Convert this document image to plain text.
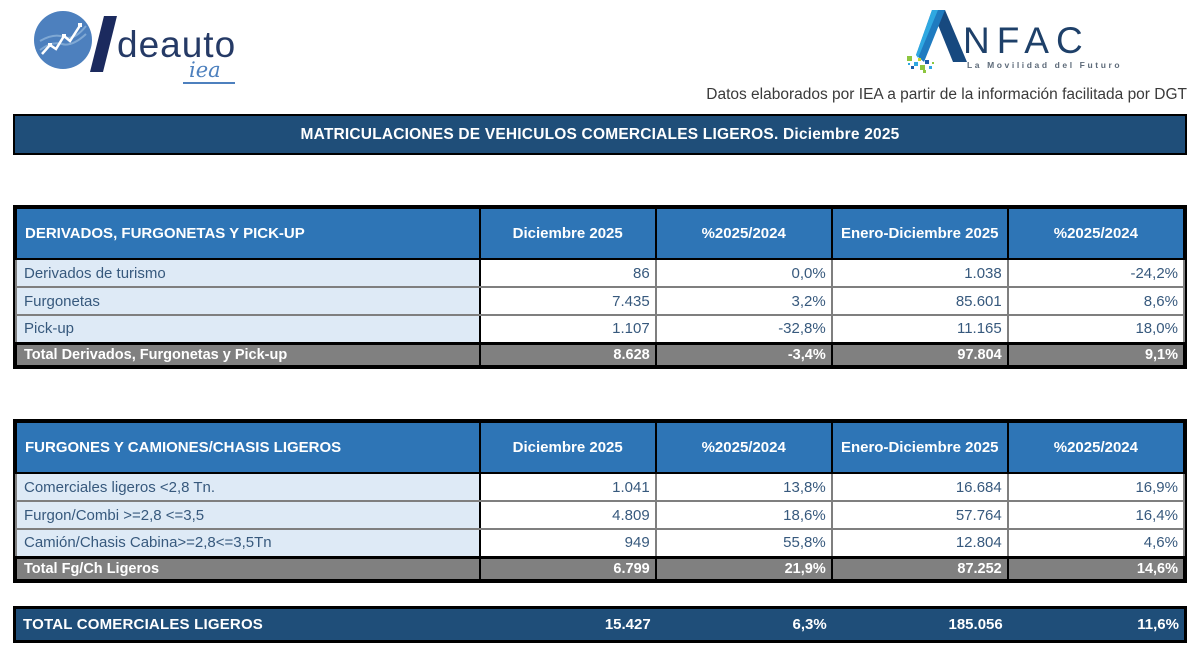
deauto
iea
NFAC
La Movilidad del Futuro
Datos elaborados por IEA a partir de la información facilitada por DGT
MATRICULACIONES DE VEHICULOS COMERCIALES LIGEROS. Diciembre 2025
DERIVADOS, FURGONETAS Y PICK-UP	Diciembre 2025	%2025/2024	Enero-Diciembre 2025	%2025/2024
Derivados de turismo	86	0,0%	1.038	-24,2%
Furgonetas	7.435	3,2%	85.601	8,6%
Pick-up	1.107	-32,8%	11.165	18,0%
Total Derivados, Furgonetas y Pick-up	8.628	-3,4%	97.804	9,1%
FURGONES Y CAMIONES/CHASIS LIGEROS	Diciembre 2025	%2025/2024	Enero-Diciembre 2025	%2025/2024
Comerciales ligeros <2,8 Tn.	1.041	13,8%	16.684	16,9%
Furgon/Combi >=2,8 <=3,5	4.809	18,6%	57.764	16,4%
Camión/Chasis Cabina>=2,8<=3,5Tn	949	55,8%	12.804	4,6%
Total Fg/Ch Ligeros	6.799	21,9%	87.252	14,6%
TOTAL COMERCIALES LIGEROS	15.427	6,3%	185.056	11,6%
